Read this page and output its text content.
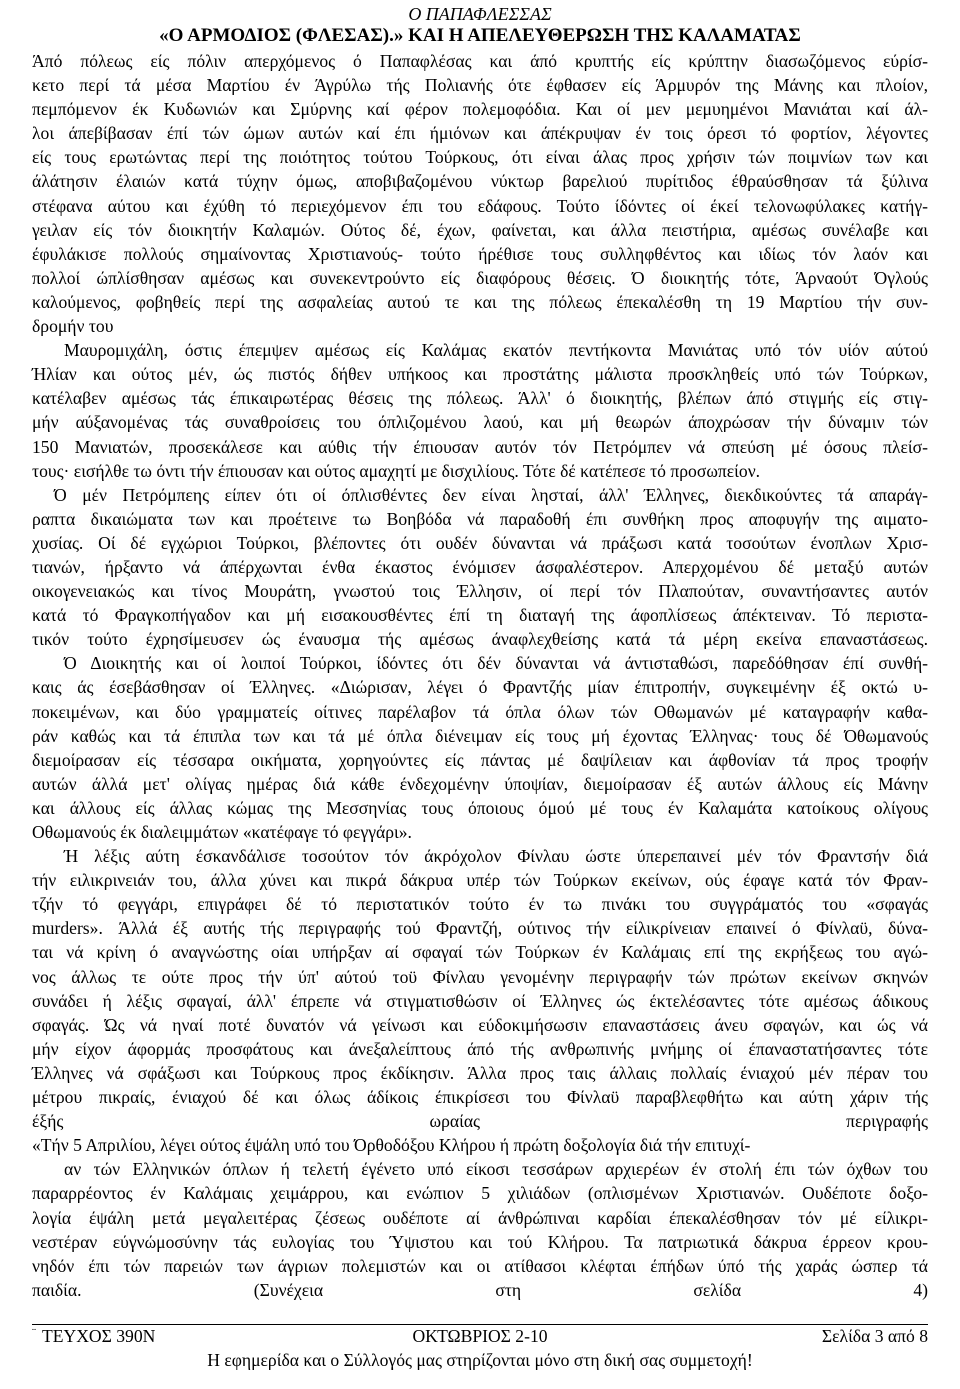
Ο ΠΑΠΑΦΛΕΣΣΑΣ
«Ο ΑΡΜΟΔΙΟΣ (ΦΛΕΣΑΣ).» ΚΑΙ Η ΑΠΕΛΕΥΘΕΡΩΣΗ ΤΗΣ ΚΑΛΑΜΑΤΑΣ
Άπό πόλεως είς πόλιν απερχόμενος ό Παπαφλέσας και άπό κρυπτής είς κρύπτην διασωζόμενος εύρίσ-
κετο περί τά μέσα Μαρτίου έν Άγρύλω τής Πολιανής ότε έφθασεν είς Άρμυρόν της Μάνης και πλοίον,
πεμπόμενον έκ Κυδωνιών και Σμύρνης καί φέρον πολεμοφόδια. Και οί μεν μεμυημένοι Μανιάται καί άλ-
λοι άπεβίβασαν έπί τών ώμων αυτών καί έπι ήμιόνων και άπέκρυψαν έν τοις όρεσι τό φορτίον, λέγοντες
είς τους ερωτώντας περί της ποιότητος τούτου Τούρκους, ότι είναι άλας προς χρήσιν τών ποιμνίων των και
άλάτησιν έλαιών κατά τύχην όμως, αποβιβαζομένου νύκτωρ βαρελιού πυρίτιδος έθραύσθησαν τά ξύλινα
στέφανα αύτου και έχύθη τό περιεχόμενον έπι του εδάφους. Τούτο ίδόντες οί έκεί τελονωφύλακες κατήγ-
γειλαν είς τόν διοικητήν Καλαμών. Ούτος δέ, έχων, φαίνεται, και άλλα πειστήρια, αμέσως συνέλαβε και
έφυλάκισε πολλούς σημαίνοντας Χριστιανούς- τούτο ήρέθισε τους συλληφθέντος και ιδίως τόν λαόν και
πολλοί ώπλίσθησαν αμέσως και συνεκεντρούντο είς διαφόρους θέσεις. Ό διοικητής τότε, Άρναούτ Όγλούς
καλούμενος, φοβηθείς περί της ασφαλείας αυτού τε και της πόλεως έπεκαλέσθη τη 19 Μαρτίου τήν συν-
δρομήν του
Μαυρομιχάλη, όστις έπεμψεν αμέσως είς Καλάμας εκατόν πεντήκοντα Μανιάτας υπό τόν υίόν αύτού
Ήλίαν και ούτος μέν, ώς πιστός δήθεν υπήκοος και προστάτης μάλιστα προσκληθείς υπό τών Τούρκων,
κατέλαβεν αμέσως τάς έπικαιρωτέρας θέσεις της πόλεως. Άλλ' ό διοικητής, βλέπων άπό στιγμής είς στιγ-
μήν αύξανομένας τάς συναθροίσεις του όπλιζομένου λαού, και μή θεωρών άποχρώσαν τήν δύναμιν τών
150 Μανιατών, προσεκάλεσε και αύθις τήν έπιουσαν αυτόν τόν Πετρόμπεν νά σπεύση μέ όσους πλείσ-
τους· εισήλθε τω όντι τήν έπιουσαν και ούτος αμαχητί με δισχιλίους. Τότε δέ κατέπεσε τό προσωπείον.
Ό μέν Πετρόμπεης είπεν ότι οί όπλισθέντες δεν είναι λησταί, άλλ' Έλληνες, διεκδικούντες τά απαράγ-
ραπτα δικαιώματα των και προέτεινε τω Βοηβόδα νά παραδοθή έπι συνθήκη προς αποφυγήν της αιματο-
χυσίας. Οί δέ εγχώριοι Τούρκοι, βλέποντες ότι ουδέν δύνανται νά πράξωσι κατά τοσούτων ένοπλων Χρισ-
τιανών, ήρξαντο νά άπέρχωνται ένθα έκαστος ένόμισεν άσφαλέστερον. Απερχομένου δέ μεταξύ αυτών
οικογενειακώς και τίνος Μουράτη, γνωστού τοις Έλλησιν, οί περί τόν Πλαπούταν, συναντήσαντες αυτόν
κατά τό Φραγκοπήγαδον και μή εισακουσθέντες έπί τη διαταγή της άφοπλίσεως άπέκτειναν. Τό περιστα-
τικόν τούτο έχρησίμευσεν ώς έναυσμα τής αμέσως άναφλεχθείσης κατά τά μέρη εκείνα επαναστάσεως.
Ό Διοικητής και οί λοιποί Τούρκοι, ίδόντες ότι δέν δύνανται νά άντισταθώσι, παρεδόθησαν έπί συνθή-
καις άς έσεβάσθησαν οί Έλληνες. «Διώρισαν, λέγει ό Φραντζής μίαν έπιτροπήν, συγκειμένην έξ οκτώ υ-
ποκειμένων, και δύο γραμματείς οίτινες παρέλαβον τά όπλα όλων τών Οθωμανών μέ καταγραφήν καθα-
ράν καθώς και τά έπιπλα των και τά μέ όπλα διένειμαν είς τους μή έχοντας Έλληνας· τους δέ Όθωμανούς
διεμοίρασαν είς τέσσαρα οικήματα, χορηγούντες είς πάντας μέ δαψίλειαν και άφθονίαν τά προς τροφήν
αυτών άλλά μετ' ολίγας ημέρας διά κάθε ένδεχομένην ύποψίαν, διεμοίρασαν έξ αυτών άλλους είς Μάνην
και άλλους είς άλλας κώμας της Μεσσηνίας τους όποιους όμού μέ τους έν Καλαμάτα κατοίκους ολίγους
Οθωμανούς έκ διαλειμμάτων «κατέφαγε τό φεγγάρι».
Ή λέξις αύτη έσκανδάλισε τοσούτον τόν άκρόχολον Φίνλαυ ώστε ύπερεπαινεί μέν τόν Φραντσήν διά
τήν ειλικρινειάν του, άλλα χύνει και πικρά δάκρυα υπέρ τών Τούρκων εκείνων, ούς έφαγε κατά τόν Φραν-
τζήν τό φεγγάρι, επιγράφει δέ τό περιστατικόν τούτο έν τω πινάκι του συγγράματός του «σφαγάς
murders». Άλλά έξ αυτής τής περιγραφής τού Φραντζή, ούτινος τήν είλικρίνειαν επαινεί ό Φίνλαϋ, δύνα-
ται νά κρίνη ό αναγνώστης οίαι υπήρξαν αί σφαγαί τών Τούρκων έν Καλάμαις επί της εκρήξεως του αγώ-
νος άλλως τε ούτε προς τήν ύπ' αύτού τοϋ Φίνλαυ γενομένην περιγραφήν τών πρώτων εκείνων σκηνών
συνάδει ή λέξις σφαγαί, άλλ' έπρεπε νά στιγματισθώσιν οί Έλληνες ώς έκτελέσαντες τότε αμέσως άδικους
σφαγάς. Ώς νά ηναί ποτέ δυνατόν νά γείνωσι και εύδοκιμήσωσιν επαναστάσεις άνευ σφαγών, και ώς νά
μήν είχον άφορμάς προσφάτους και άνεξαλείπτους άπό τής ανθρωπινής μνήμης οί έπαναστατήσαντες τότε
Έλληνες νά σφάξωσι και Τούρκους προς έκδίκησιν. Άλλα προς ταις άλλαις πολλαίς ένιαχού μέν πέραν του
μέτρου πικραίς, ένιαχού δέ και όλως άδίκοις έπικρίσεσι του Φίνλαϋ παραβλεφθήτω και αύτη χάριν τής
έξής ωραίας περιγραφής
«Τήν 5 Απριλίου, λέγει ούτος έψάλη υπό του Όρθοδόξου Κλήρου ή πρώτη δοξολογία διά τήν επιτυχί-
αν τών Ελληνικών όπλων ή τελετή έγένετο υπό είκοσι τεσσάρων αρχιερέων έν στολή έπι τών όχθων του
παραρρέοντος έν Καλάμαις χειμάρρου, και ενώπιον 5 χιλιάδων (οπλισμένων Χριστιανών. Ουδέποτε δοξο-
λογία έψάλη μετά μεγαλειτέρας ζέσεως ουδέποτε αί άνθρώπιναι καρδίαι έπεκαλέσθησαν τόν μέ είλικρι-
νεστέραν εύγνώμοσύνην τάς ευλογίας του Ύψιστου και τού Κλήρου. Τα πατριωτικά δάκρυα έρρεον κρου-
νηδόν έπι τών παρειών των άγριων πολεμιστών και οι ατίθασοι κλέφται έπήδων ύπό τής χαράς ώσπερ τά
παιδία. (Συνέχεια στη σελίδα 4)
¨ ΤΕΥΧΟΣ 390Ν	ΟΚΤΩΒΡΙΟΣ 2-10	Σελίδα 3 από 8
Η εφημερίδα και ο Σύλλογός μας στηρίζονται μόνο στη δική σας συμμετοχή!
